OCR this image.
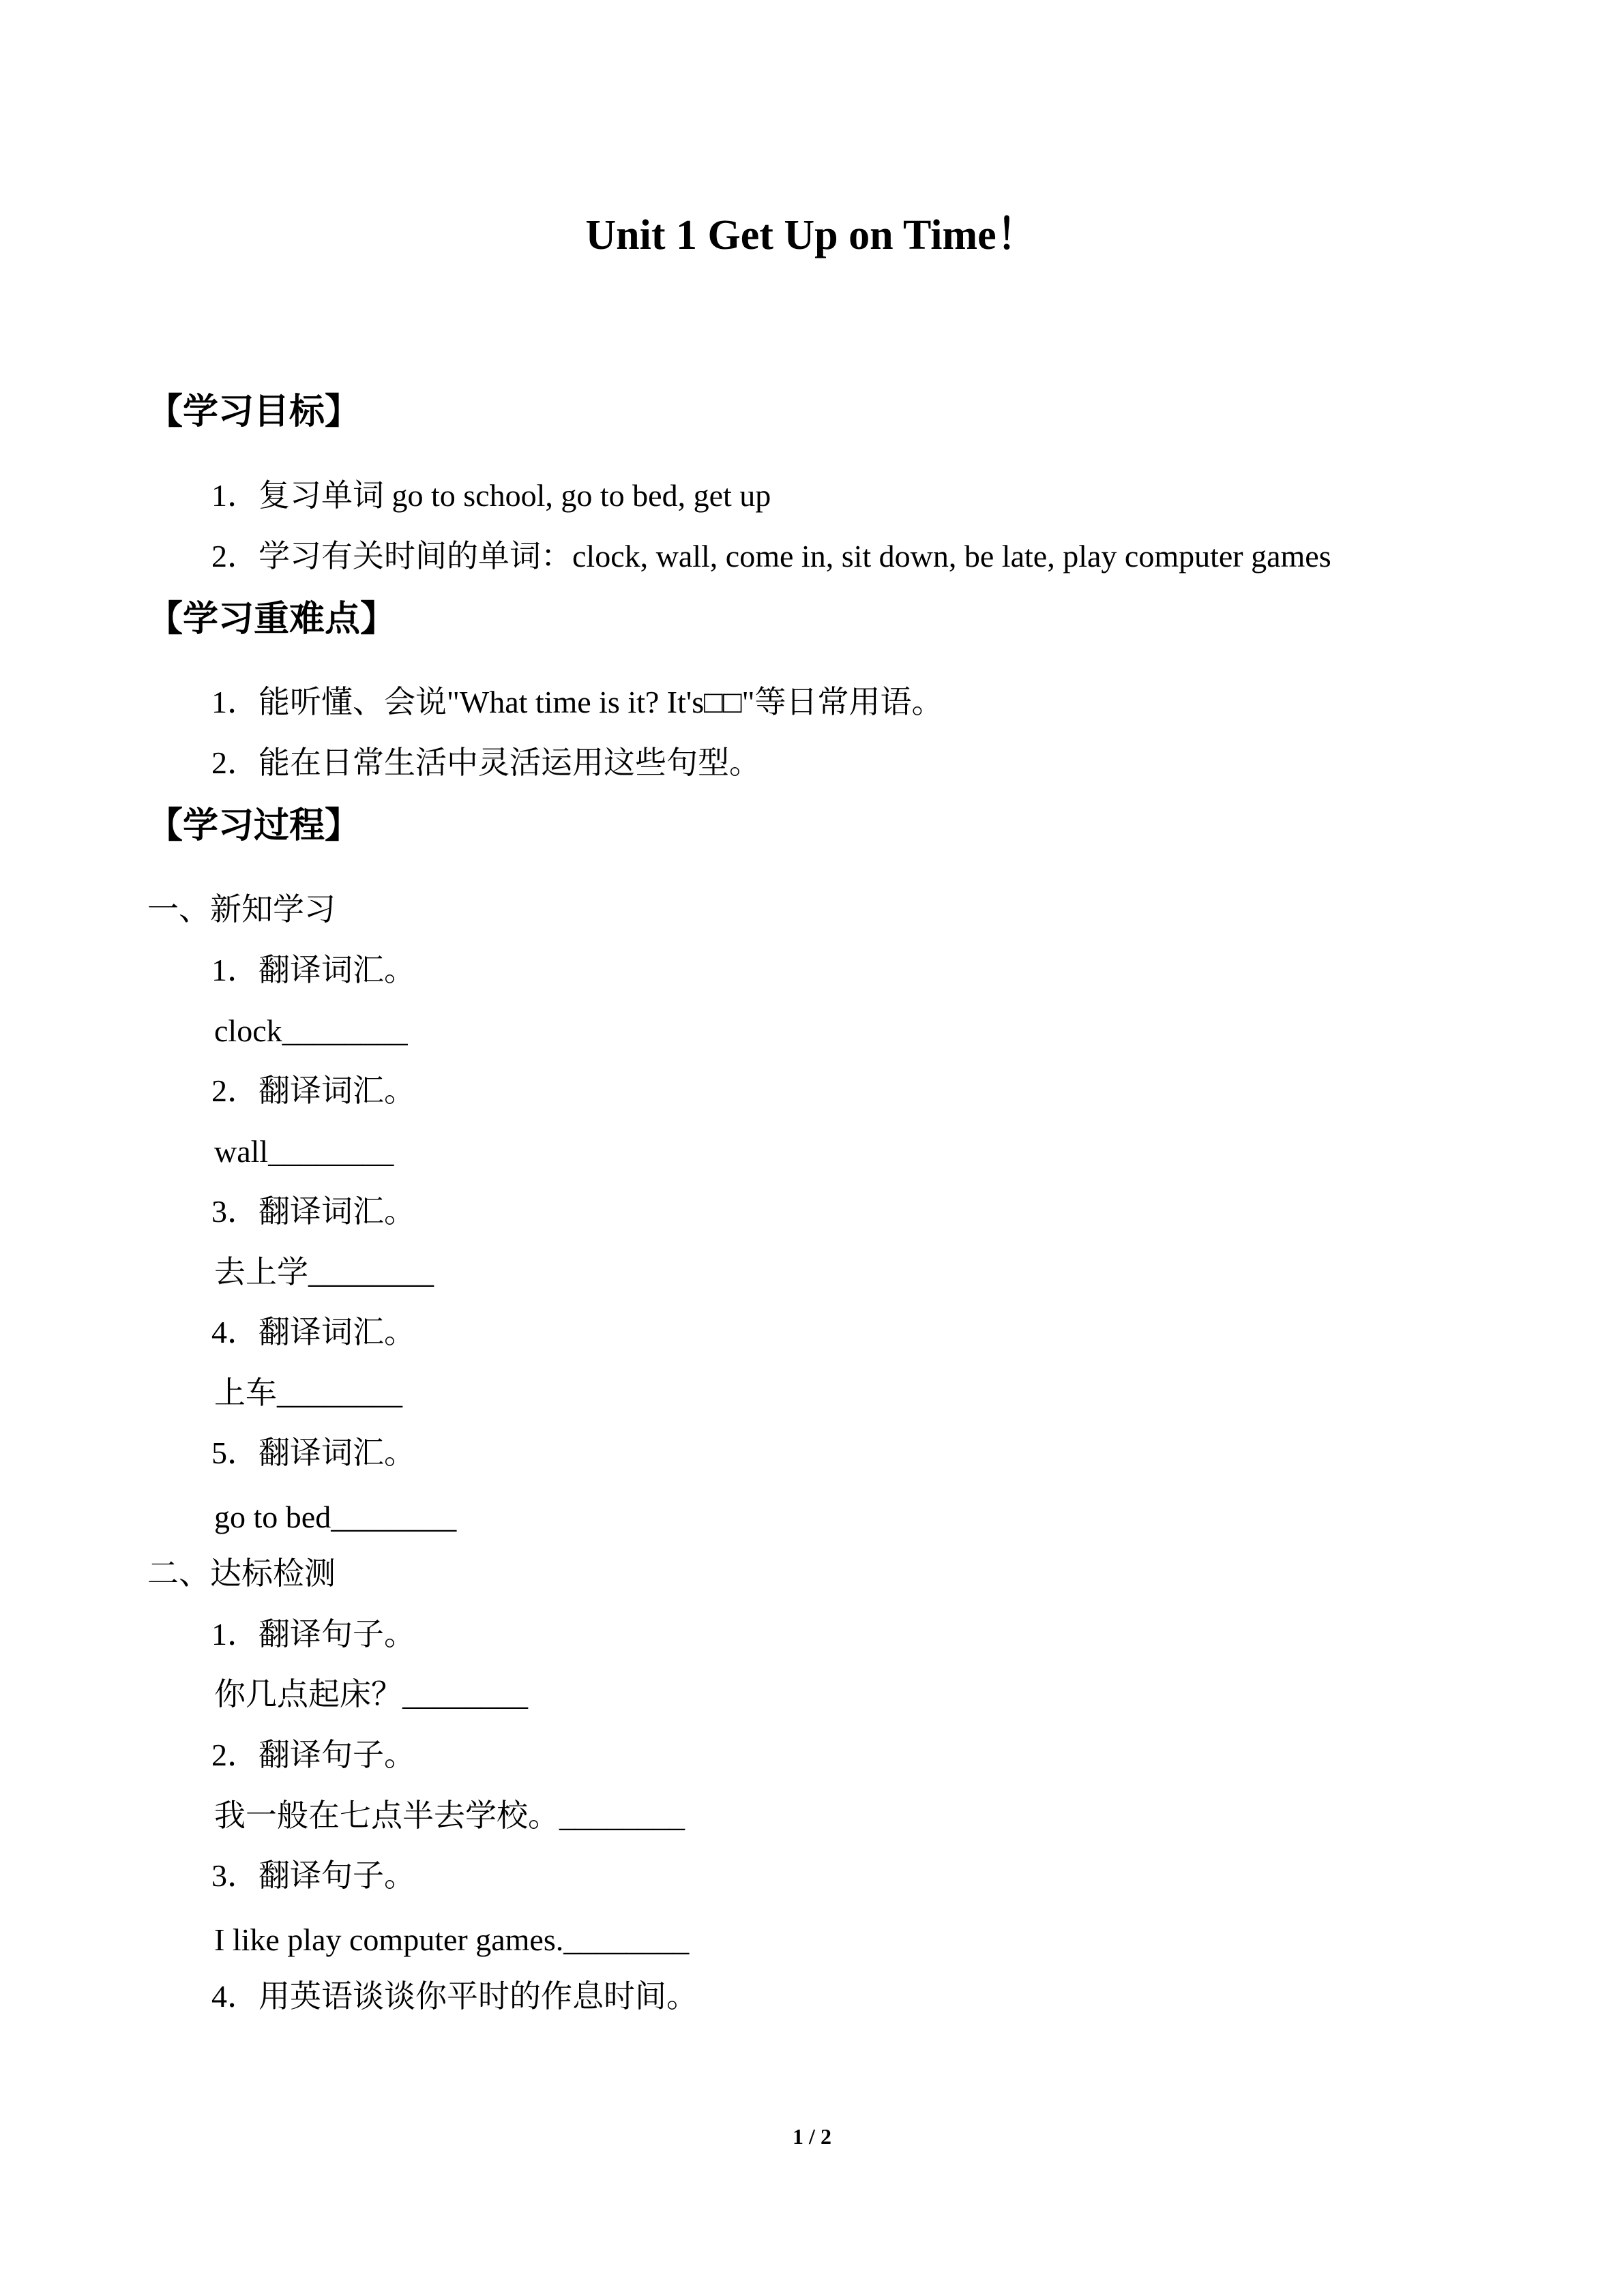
Unit 1 Get Up on Time！
【学习目标】
1．复习单词 go to school, go to bed, get up
2．学习有关时间的单词：clock, wall, come in, sit down, be late, play computer games
【学习重难点】
1．能听懂、会说"What time is it? It's□□"等日常用语。
2．能在日常生活中灵活运用这些句型。
【学习过程】
一、新知学习
1．翻译词汇。
clock________
2．翻译词汇。
wall________
3．翻译词汇。
去上学________
4．翻译词汇。
上车________
5．翻译词汇。
go to bed________
二、达标检测
1．翻译句子。
你几点起床？________
2．翻译句子。
我一般在七点半去学校。________
3．翻译句子。
I like play computer games.________
4．用英语谈谈你平时的作息时间。
1 / 2
